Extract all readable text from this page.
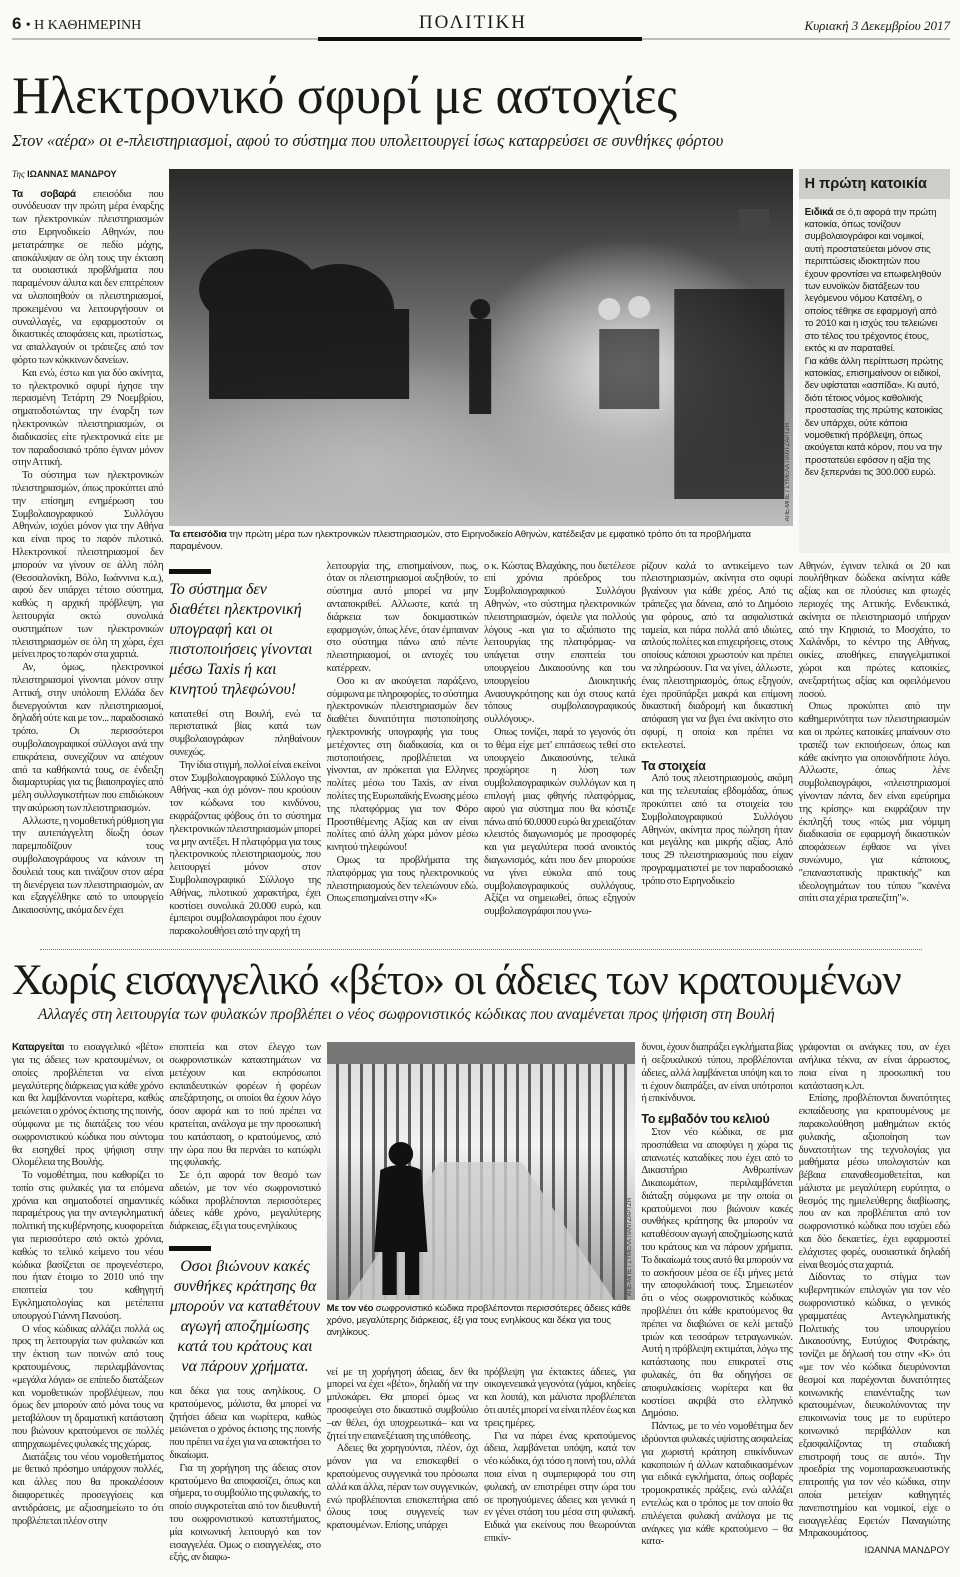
6 • Η ΚΑΘΗΜΕΡΙΝΗ	ΠΟΛΙΤΙΚΗ	Κυριακή 3 Δεκεμβρίου 2017
Ηλεκτρονικό σφυρί με αστοχίες
Στον «αέρα» οι e-πλειστηριασμοί, αφού το σύστημα που υπολειτουργεί ίσως καταρρεύσει σε συνθήκες φόρτου
Της ΙΩΑΝΝΑΣ ΜΑΝΔΡΟΥ

Τα σοβαρά επεισόδια που συνόδευσαν την πρώτη μέρα έναρξης των ηλεκτρονικών πλειστηριασμών στο Ειρηνοδικείο Αθηνών, που μετατράπηκε σε πεδίο μάχης, αποκάλυψαν σε όλη τους την έκταση τα ουσιαστικά προβλήματα που παραμένουν άλυτα και δεν επιτρέπουν να υλοποιηθούν οι πλειστηριασμοί, προκειμένου να λειτουργήσουν οι συναλλαγές, να εφαρμοστούν οι δικαστικές αποφάσεις και, πρωτίστως, να απαλλαγούν οι τράπεζες από τον φόρτο των κόκκινων δανείων.

Και ενώ, έστω και για δύο ακίνητα, το ηλεκτρονικό σφυρί ήχησε την περασμένη Τετάρτη 29 Νοεμβρίου, σηματοδοτώντας την έναρξη των ηλεκτρονικών πλειστηριασμών, οι διαδικασίες είτε ηλεκτρονικά είτε με τον παραδοσιακό τρόπο έγιναν μόνον στην Αττική.

Το σύστημα των ηλεκτρονικών πλειστηριασμών, όπως προκύπτει από την επίσημη ενημέρωση του Συμβολαιογραφικού Συλλόγου Αθηνών, ισχύει μόνον για την Αθήνα και είναι προς το παρόν πιλοτικό. Ηλεκτρονικοί πλειστηριασμοί δεν μπορούν να γίνουν σε άλλη πόλη (Θεσσαλονίκη, Βόλο, Ιωάννινα κ.α.), αφού δεν υπάρχει τέτοιο σύστημα, καθώς η αρχική πρόβλεψη, για λειτουργία οκτώ συνολικά συστημάτων των ηλεκτρονικών πλειστηριασμών σε όλη τη χώρα, έχει μείνει προς το παρόν στα χαρτιά.

Αν, όμως, ηλεκτρονικοί πλειστηριασμοί γίνονται μόνον στην Αττική, στην υπόλοιπη Ελλάδα δεν διενεργούνται καν πλειστηριασμοί, δηλαδή ούτε και με τον... παραδοσιακό τρόπο. Οι περισσότεροι συμβολαιογραφικοί σύλλογοι ανά την επικράτεια, συνεχίζουν να απέχουν από τα καθήκοντά τους, σε ένδειξη διαμαρτυρίας για τις βιαιοπραγίες από μέλη συλλογικοτήτων που επιδιώκουν την ακύρωση των πλειστηριασμών.

Αλλωστε, η νομοθετική ρύθμιση για την αυτεπάγγελτη δίωξη όσων παρεμποδίζουν τους συμβολαιογράφους να κάνουν τη δουλειά τους και τινάζουν στον αέρα τη διενέργεια των πλειστηριασμών, αν και εξαγγέλθηκε από το υπουργείο Δικαιοσύνης, ακόμα δεν έχει

ΑΠΕ-ΜΠΕ / ΣΥΜΕΛΑ ΠΑΝΤΖΑΡΤΖΗ
Τα επεισόδια την πρώτη μέρα των ηλεκτρονικών πλειστηριασμών, στο Ειρηνοδικείο Αθηνών, κατέδειξαν με εμφατικό τρόπο ότι τα προβλήματα παραμένουν.
Η πρώτη κατοικία

Ειδικά σε ό,τι αφορά την πρώτη κατοικία, όπως τονίζουν συμβολαιογράφοι και νομικοί, αυτή προστατεύεται μόνον στις περιπτώσεις ιδιοκτητών που έχουν φροντίσει να επωφεληθούν των ευνοϊκών διατάξεων του λεγόμενου νόμου Κατσέλη, ο οποίος τέθηκε σε εφαρμογή από το 2010 και η ισχύς του τελειώνει στο τέλος του τρέχοντος έτους, εκτός κι αν παραταθεί.

Για κάθε άλλη περίπτωση πρώτης κατοικίας, επισημαίνουν οι ειδικοί, δεν υφίσταται «ασπίδα». Κι αυτό, διότι τέτοιος νόμος καθολικής προστασίας της πρώτης κατοικίας δεν υπάρχει, ούτε κάποια νομοθετική πρόβλεψη, όπως ακούγεται κατά κόρον, που να την προστατεύει εφόσον η αξία της δεν ξεπερνάει τις 300.000 ευρώ.

Το σύστημα δεν διαθέτει ηλεκτρονική υπογραφή και οι πιστοποιήσεις γίνονται μέσω Taxis ή και κινητού τηλεφώνου!

κατατεθεί στη Βουλή, ενώ τα περιστατικά βίας κατά των συμβολαιογράφων πληθαίνουν συνεχώς.

Την ίδια στιγμή, πολλοί είναι εκείνοι στον Συμβολαιογραφικό Σύλλογο της Αθήνας -και όχι μόνον- που κρούουν τον κώδωνα του κινδύνου, εκφράζοντας φόβους ότι το σύστημα ηλεκτρονικών πλειστηριασμών μπορεί να μην αντέξει. Η πλατφόρμα για τους ηλεκτρονικούς πλειστηριασμούς, που λειτουργεί μόνον στον Συμβολαιογραφικό Σύλλογο της Αθήνας, πιλοτικού χαρακτήρα, έχει κοστίσει συνολικά 20.000 ευρώ, και έμπειροι συμβολαιογράφοι που έχουν παρακολουθήσει από την αρχή τη

λειτουργία της, επισημαίνουν, πως, όταν οι πλειστηριασμοί αυξηθούν, το σύστημα αυτό μπορεί να μην ανταποκριθεί. Αλλωστε, κατά τη διάρκεια των δοκιμαστικών εφαρμογών, όπως λένε, όταν έμπαιναν στο σύστημα πάνω από πέντε πλειστηριασμοί, οι αντοχές του κατέρρεαν.

Οσο κι αν ακούγεται παράξενο, σύμφωνα με πληροφορίες, το σύστημα ηλεκτρονικών πλειστηριασμών δεν διαθέτει δυνατότητα πιστοποίησης ηλεκτρονικής υπογραφής για τους μετέχοντες στη διαδικασία, και οι πιστοποιήσεις, προβλέπεται να γίνονται, αν πρόκειται για Ελληνες πολίτες μέσω του Taxis, αν είναι πολίτες της Ευρωπαϊκής Ενωσης μέσω της πλατφόρμας για τον Φόρο Προστιθέμενης Αξίας και αν είναι πολίτες από άλλη χώρα μόνον μέσω κινητού τηλεφώνου!

Ομως τα προβλήματα της πλατφόρμας για τους ηλεκτρονικούς πλειστηριασμούς δεν τελειώνουν εδώ. Οπως επισημαίνει στην «Κ»

ο κ. Κώστας Βλαχάκης, που διετέλεσε επί χρόνια πρόεδρος του Συμβολαιογραφικού Συλλόγου Αθηνών, «το σύστημα ηλεκτρονικών πλειστηριασμών, όφειλε για πολλούς λόγους -και για το αξιόπιστο της λειτουργίας της πλατφόρμας- να υπάγεται στην εποπτεία του υπουργείου Δικαιοσύνης και του υπουργείου Διοικητικής Ανασυγκρότησης και όχι στους κατά τόπους συμβολαιογραφικούς συλλόγους».

Οπως τονίζει, παρά το γεγονός ότι το θέμα είχε μετ' επιτάσεως τεθεί στο υπουργείο Δικαιοσύνης, τελικά προχώρησε η λύση των συμβολαιογραφικών συλλόγων και η επιλογή μιας φθηνής πλατφόρμας, αφού για σύστημα που θα κόστιζε πάνω από 60.0000 ευρώ θα χρειαζόταν κλειστός διαγωνισμός με προσφορές και για μεγαλύτερα ποσά ανοικτός διαγωνισμός, κάτι που δεν μπορούσε να γίνει εύκολα από τους συμβολαιογραφικούς συλλόγους. Αξίζει να σημειωθεί, όπως εξηγούν συμβολαιογράφοι που γνω-

ρίζουν καλά το αντικείμενο των πλειστηριασμών, ακίνητα στο σφυρί βγαίνουν για κάθε χρέος. Από τις τράπεζες για δάνεια, από το Δημόσιο για φόρους, από τα ασφαλιστικά ταμεία, και πάρα πολλά από ιδιώτες, απλούς πολίτες και επιχειρήσεις, στους οποίους κάποιοι χρωστούν και πρέπει να πληρώσουν. Για να γίνει, άλλωστε, ένας πλειστηριασμός, όπως εξηγούν, έχει προϋπάρξει μακρά και επίμονη δικαστική διαδρομή και δικαστική απόφαση για να βγει ένα ακίνητο στο σφυρί, η οποία και πρέπει να εκτελεστεί.

Τα στοιχεία

Από τους πλειστηριασμούς, ακόμη και της τελευταίας εβδομάδας, όπως προκύπτει από τα στοιχεία του Συμβολαιογραφικού Συλλόγου Αθηνών, ακίνητα προς πώληση ήταν και μεγάλης και μικρής αξίας. Από τους 29 πλειστηριασμούς που είχαν προγραμματιστεί με τον παραδοσιακό τρόπο στο Ειρηνοδικείο

Αθηνών, έγιναν τελικά οι 20 και πουλήθηκαν δώδεκα ακίνητα κάθε αξίας και σε πλούσιες και φτωχές περιοχές της Αττικής. Ενδεικτικά, ακίνητα σε πλειστηριασμό υπήρχαν από την Κηφισιά, το Μοσχάτο, το Χαλάνδρι, το κέντρο της Αθήνας, οικίες, αποθήκες, επαγγελματικοί χώροι και πρώτες κατοικίες, ανεξαρτήτως αξίας και οφειλόμενου ποσού.

Οπως προκύπτει από την καθημερινότητα των πλειστηριασμών και οι πρώτες κατοικίες μπαίνουν στο τραπέζι των εκποιήσεων, όπως και κάθε ακίνητο για οποιονδήποτε λόγο. Αλλωστε, όπως λένε συμβολαιογράφοι, «πλειστηριασμοί γίνονταν πάντα, δεν είναι εφεύρημα της κρίσης» και εκφράζουν την έκπληξή τους «πώς μια νόμιμη διαδικασία σε εφαρμογή δικαστικών αποφάσεων έφθασε να γίνει συνώνυμο, για κάποιους, "επαναστατικής πρακτικής" και ιδεολογημάτων του τύπου "κανένα σπίτι στα χέρια τραπεζίτη"».

Χωρίς εισαγγελικό «βέτο» οι άδειες των κρατουμένων
Αλλαγές στη λειτουργία των φυλακών προβλέπει ο νέος σωφρονιστικός κώδικας που αναμένεται προς ψήφιση στη Βουλή

Καταργείται το εισαγγελικό «βέτο» για τις άδειες των κρατουμένων, οι οποίες προβλέπεται να είναι μεγαλύτερης διάρκειας για κάθε χρόνο και θα λαμβάνονται νωρίτερα, καθώς μειώνεται ο χρόνος έκτισης της ποινής, σύμφωνα με τις διατάξεις του νέου σωφρονιστικού κώδικα που σύντομα θα εισηχθεί προς ψήφιση στην Ολομέλεια της Βουλής.

Το νομοθέτημα, που καθορίζει το τοπίο στις φυλακές για τα επόμενα χρόνια και σηματοδοτεί σημαντικές παραμέτρους για την αντεγκληματική πολιτική της κυβέρνησης, κυοφορείται για περισσότερο από οκτώ χρόνια, καθώς το τελικό κείμενο του νέου κώδικα βασίζεται σε προγενέστερο, που ήταν έτοιμο το 2010 υπό την εποπτεία του καθηγητή Εγκληματολογίας και μετέπειτα υπουργού Γιάννη Πανούση.

Ο νέος κώδικας αλλάζει πολλά ως προς τη λειτουργία των φυλακών και την έκτιση των ποινών από τους κρατουμένους, περιλαμβάνοντας «μεγάλα λόγια» σε επίπεδο διατάξεων και νομοθετικών προβλέψεων, που όμως δεν μπορούν από μόνα τους να μεταβάλουν τη δραματική κατάσταση που βιώνουν κρατούμενοι σε πολλές απηρχαιωμένες φυλακές της χώρας.

Διατάξεις του νέου νομοθετήματος με θετικό πρόσημο υπάρχουν πολλές, και άλλες που θα προκαλέσουν διαφορετικές προσεγγίσεις και αντιδράσεις, με αξιοσημείωτο το ότι προβλέπεται πλέον στην

εποπτεία και στον έλεγχο των σωφρονιστικών καταστημάτων να μετέχουν και εκπρόσωποι εκπαιδευτικών φορέων ή φορέων απεξάρτησης, οι οποίοι θα έχουν λόγο όσον αφορά και το πού πρέπει να κρατείται, ανάλογα με την προσωπική του κατάσταση, ο κρατούμενος, από την ώρα που θα περνάει το κατώφλι της φυλακής.

Σε ό,τι αφορά τον θεσμό των αδειών, με τον νέο σωφρονιστικό κώδικα προβλέπονται περισσότερες άδειες κάθε χρόνο, μεγαλύτερης διάρκειας, έξι για τους ενηλίκους

Οσοι βιώνουν κακές συνθήκες κράτησης θα μπορούν να καταθέτουν αγωγή αποζημίωσης κατά του κράτους και να πάρουν χρήματα.

και δέκα για τους ανηλίκους. Ο κρατούμενος, μάλιστα, θα μπορεί να ζητήσει άδεια και νωρίτερα, καθώς μειώνεται ο χρόνος έκτισης της ποινής που πρέπει να έχει για να αποκτήσει το δικαίωμα.

Για τη χορήγηση της άδειας στον κρατούμενο θα αποφασίζει, όπως και σήμερα, το συμβούλιο της φυλακής, το οποίο συγκροτείται από τον διευθυντή του σωφρονιστικού καταστήματος, μία κοινωνική λειτουργό και τον εισαγγελέα. Ομως ο εισαγγελέας, στο εξής, αν διαφω-

ΑΠΕ-ΜΠΕ / ΣΥΜΕΛΑ ΠΑΝΤΖΑΡΤΖΗ
Με τον νέο σωφρονιστικό κώδικα προβλέπονται περισσότερες άδειες κάθε χρόνο, μεγαλύτερης διάρκειας, έξι για τους ενηλίκους και δέκα για τους ανηλίκους.

νεί με τη χορήγηση άδειας, δεν θα μπορεί να έχει «βέτο», δηλαδή να την μπλοκάρει. Θα μπορεί όμως να προσφεύγει στο δικαστικό συμβούλιο –αν θέλει, όχι υποχρεωτικά– και να ζητεί την επανεξέταση της υπόθεσης.

Αδειες θα χορηγούνται, πλέον, όχι μόνον για να επισκεφθεί ο κρατούμενος συγγενικά του πρόσωπα αλλά και άλλα, πέραν των συγγενικών, ενώ προβλέπονται επισκεπτήρια από όλους τους συγγενείς των κρατουμένων. Επίσης, υπάρχει

πρόβλεψη για έκτακτες άδειες, για οικογενειακά γεγονότα (γάμοι, κηδείες και λοιπά), και μάλιστα προβλέπεται ότι αυτές μπορεί να είναι πλέον έως και τρεις ημέρες.

Για να πάρει ένας κρατούμενος άδεια, λαμβάνεται υπόψη, κατά τον νέο κώδικα, όχι τόσο η ποινή του, αλλά ποια είναι η συμπεριφορά του στη φυλακή, αν επιστρέφει στην ώρα του σε προηγούμενες άδειες και γενικά η εν γένει στάση του μέσα στη φυλακή. Ειδικά για εκείνους που θεωρούνται επικίν-

δυνοι, έχουν διαπράξει εγκλήματα βίας ή σεξουαλικού τύπου, προβλέπονται άδειες, αλλά λαμβάνεται υπόψη και το τι έχουν διαπράξει, αν είναι υπότροποι ή επικίνδυνοι.

Το εμβαδόν του κελιού

Στον νέο κώδικα, σε μια προσπάθεια να αποφύγει η χώρα τις απανωτές καταδίκες που έχει από το Δικαστήριο Ανθρωπίνων Δικαιωμάτων, περιλαμβάνεται διάταξη σύμφωνα με την οποία οι κρατούμενοι που βιώνουν κακές συνθήκες κράτησης θα μπορούν να καταθέσουν αγωγή αποζημίωσης κατά του κράτους και να πάρουν χρήματα. Το δικαίωμά τους αυτό θα μπορούν να το ασκήσουν μέσα σε έξι μήνες μετά την αποφυλάκισή τους. Σημειωτέον ότι ο νέος σωφρονιστικός κώδικας προβλέπει ότι κάθε κρατούμενος θα πρέπει να διαβιώνει σε κελί μεταξύ τριών και τεσσάρων τετραγωνικών. Αυτή η πρόβλεψη εκτιμάται, λόγω της κατάστασης που επικρατεί στις φυλακές, ότι θα οδηγήσει σε αποφυλακίσεις νωρίτερα και θα κοστίσει ακριβά στο ελληνικό Δημόσιο.

Πάντως, με το νέο νομοθέτημα δεν ιδρύονται φυλακές υψίστης ασφαλείας για χωριστή κράτηση επικίνδυνων κακοποιών ή άλλων καταδικασμένων για ειδικά εγκλήματα, όπως σοβαρές τρομοκρατικές πράξεις, ενώ αλλάζει εντελώς και ο τρόπος με τον οποίο θα επιλέγεται φυλακή ανάλογα με τις ανάγκες για κάθε κρατούμενο – θα κατα-

γράφονται οι ανάγκες του, αν έχει ανήλικα τέκνα, αν είναι άρρωστος, ποια είναι η προσωπική του κατάσταση κ.λπ.

Επίσης, προβλέπονται δυνατότητες εκπαίδευσης για κρατουμένους με παρακολούθηση μαθημάτων εκτός φυλακής, αξιοποίηση των δυνατοτήτων της τεχνολογίας για μαθήματα μέσω υπολογιστών και βέβαια επαναθεσμοθετείται, και μάλιστα με μεγαλύτερη ευρύτητα, ο θεσμός της ημιελεύθερης διαβίωσης, που αν και προβλέπεται από τον σωφρονιστικό κώδικα που ισχύει εδώ και δύο δεκαετίες, έχει εφαρμοστεί ελάχιστες φορές, ουσιαστικά δηλαδή είναι θεσμός στα χαρτιά.

Δίδοντας το στίγμα των κυβερνητικών επιλογών για τον νέο σωφρονιστικό κώδικα, ο γενικός γραμματέας Αντεγκληματικής Πολιτικής του υπουργείου Δικαιοσύνης, Ευτύχιος Φυτράκης, τονίζει με δήλωσή του στην «Κ» ότι «με τον νέο κώδικα διευρύνονται θεσμοί και παρέχονται δυνατότητες κοινωνικής επανένταξης των κρατουμένων, διευκολύνοντας την επικοινωνία τους με το ευρύτερο κοινωνικό περιβάλλον και εξασφαλίζοντας τη σταδιακή επιστροφή τους σε αυτό». Την προεδρία της νομοπαρασκευαστικής επιτροπής για τον νέο κώδικα, στην οποία μετείχαν καθηγητές πανεπιστημίου και νομικοί, είχε ο εισαγγελέας Εφετών Παναγιώτης Μπρακουμάτσος.

ΙΩΑΝΝΑ ΜΑΝΔΡΟΥ
